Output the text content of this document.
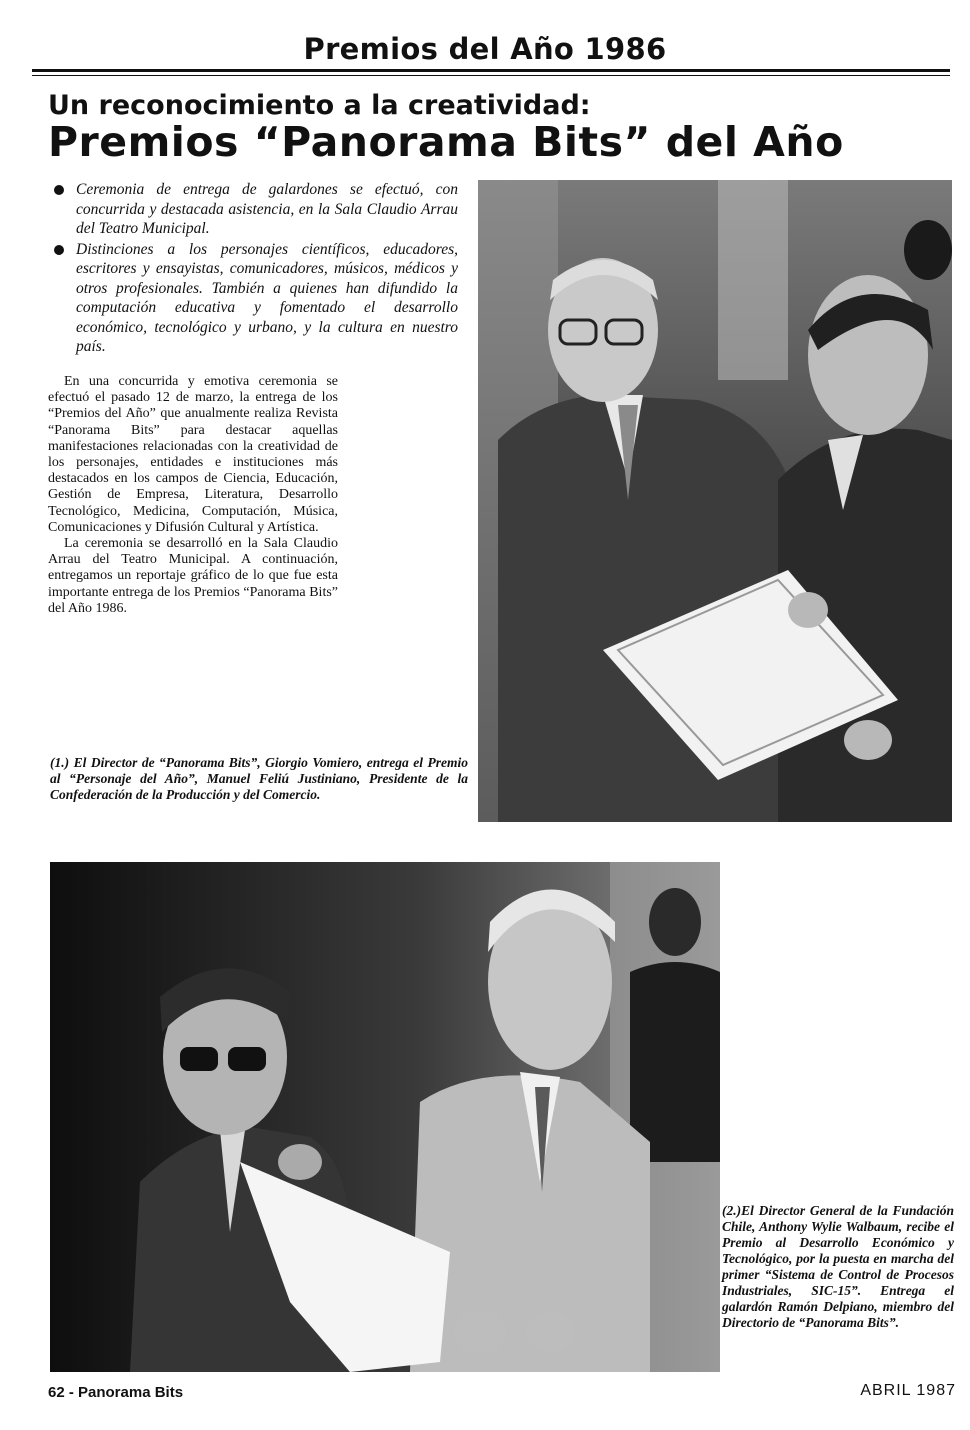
Premios del Año 1986
Un reconocimiento a la creatividad:
Premios “Panorama Bits” del Año
Ceremonia de entrega de galardones se efectuó, con concurrida y destacada asistencia, en la Sala Claudio Arrau del Teatro Municipal.
Distinciones a los personajes científicos, educadores, escritores y ensayistas, comunicadores, músicos, médicos y otros profesionales. También a quienes han difundido la computación educativa y fomentado el desarrollo económico, tecnológico y urbano, y la cultura en nuestro país.

En una concurrida y emotiva ceremonia se efectuó el pasado 12 de marzo, la entrega de los “Premios del Año” que anualmente realiza Revista “Panorama Bits” para destacar aquellas manifestaciones relacionadas con la creatividad de los personajes, entidades e instituciones más destacados en los campos de Ciencia, Educación, Gestión de Empresa, Literatura, Desarrollo Tecnológico, Medicina, Computación, Música, Comunicaciones y Difusión Cultural y Artística.

La ceremonia se desarrolló en la Sala Claudio Arrau del Teatro Municipal. A continuación, entregamos un reportaje gráfico de lo que fue esta importante entrega de los Premios “Panorama Bits” del Año 1986.

(1.) El Director de “Panorama Bits”, Giorgio Vomiero, entrega el Premio al “Personaje del Año”, Manuel Feliú Justiniano, Presidente de la Confederación de la Producción y del Comercio.
(2.)El Director General de la Fundación Chile, Anthony Wylie Walbaum, recibe el Premio al Desarrollo Económico y Tecnológico, por la puesta en marcha del primer “Sistema de Control de Procesos Industriales, SIC-15”. Entrega el galardón Ramón Delpiano, miembro del Directorio de “Panorama Bits”.
62 - Panorama Bits	ABRIL 1987
